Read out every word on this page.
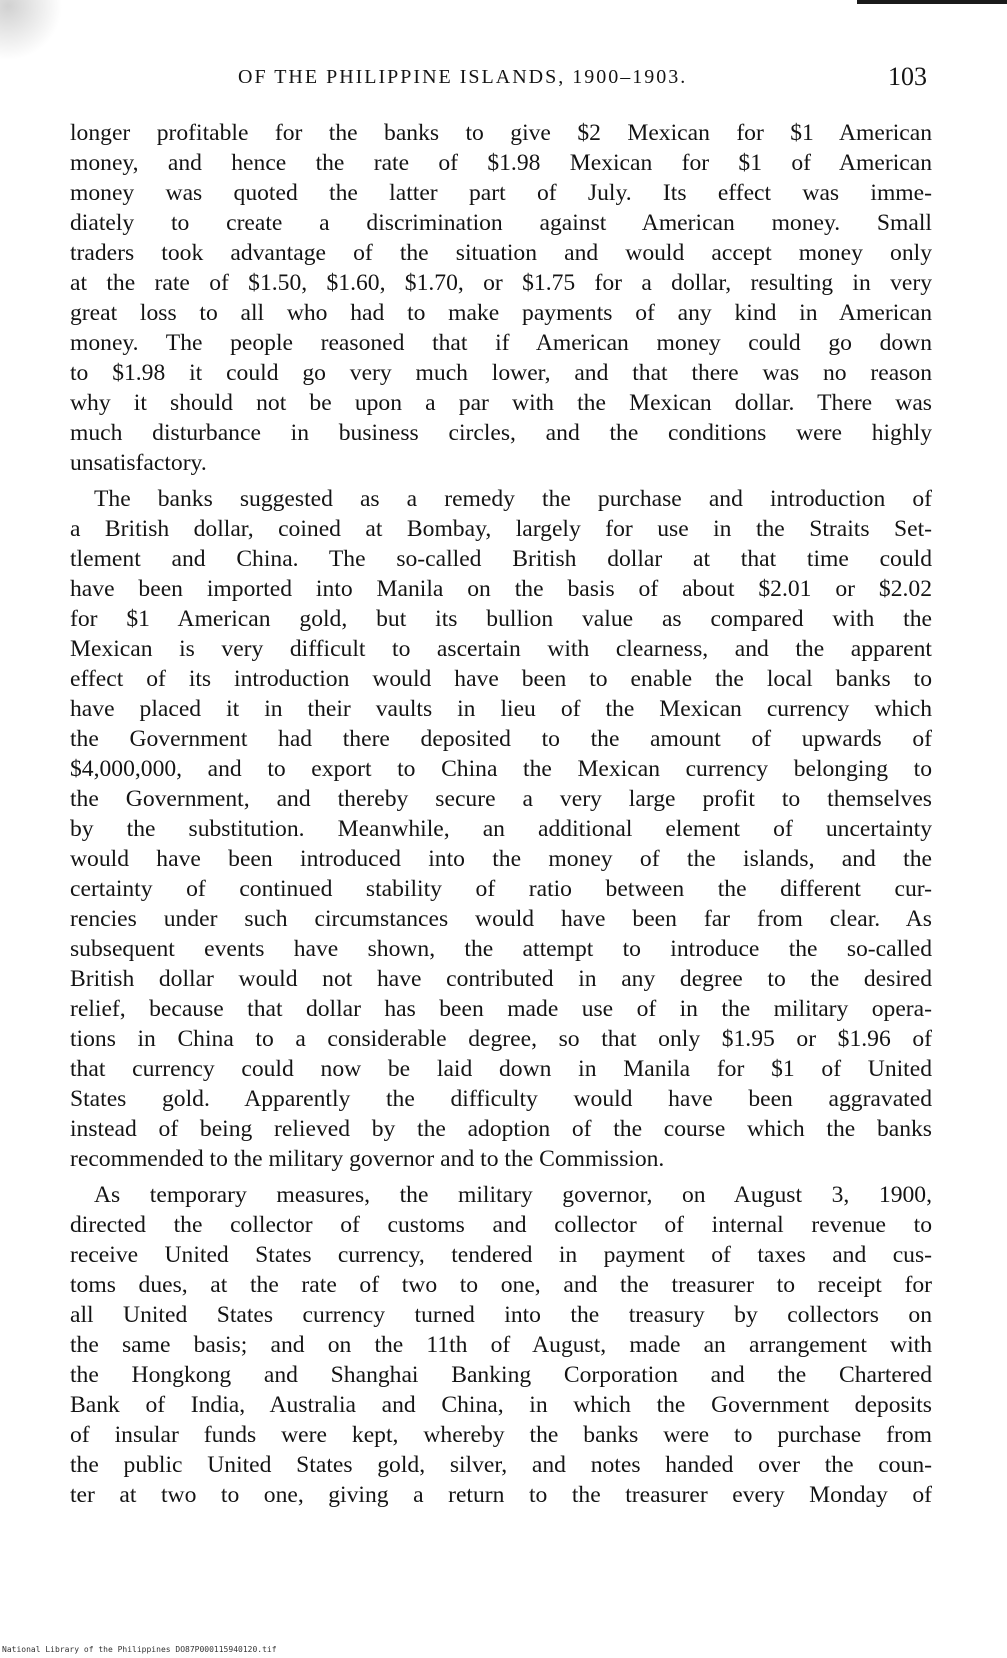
OF THE PHILIPPINE ISLANDS, 1900–1903.	103
longer profitable for the banks to give $2 Mexican for $1 American
money, and hence the rate of $1.98 Mexican for $1 of American
money was quoted the latter part of July. Its effect was imme-
diately to create a discrimination against American money. Small
traders took advantage of the situation and would accept money only
at the rate of $1.50, $1.60, $1.70, or $1.75 for a dollar, resulting in very
great loss to all who had to make payments of any kind in American
money. The people reasoned that if American money could go down
to $1.98 it could go very much lower, and that there was no reason
why it should not be upon a par with the Mexican dollar. There was
much disturbance in business circles, and the conditions were highly
unsatisfactory.
The banks suggested as a remedy the purchase and introduction of
a British dollar, coined at Bombay, largely for use in the Straits Set-
tlement and China. The so-called British dollar at that time could
have been imported into Manila on the basis of about $2.01 or $2.02
for $1 American gold, but its bullion value as compared with the
Mexican is very difficult to ascertain with clearness, and the apparent
effect of its introduction would have been to enable the local banks to
have placed it in their vaults in lieu of the Mexican currency which
the Government had there deposited to the amount of upwards of
$4,000,000, and to export to China the Mexican currency belonging to
the Government, and thereby secure a very large profit to themselves
by the substitution. Meanwhile, an additional element of uncertainty
would have been introduced into the money of the islands, and the
certainty of continued stability of ratio between the different cur-
rencies under such circumstances would have been far from clear. As
subsequent events have shown, the attempt to introduce the so-called
British dollar would not have contributed in any degree to the desired
relief, because that dollar has been made use of in the military opera-
tions in China to a considerable degree, so that only $1.95 or $1.96 of
that currency could now be laid down in Manila for $1 of United
States gold. Apparently the difficulty would have been aggravated
instead of being relieved by the adoption of the course which the banks
recommended to the military governor and to the Commission.
As temporary measures, the military governor, on August 3, 1900,
directed the collector of customs and collector of internal revenue to
receive United States currency, tendered in payment of taxes and cus-
toms dues, at the rate of two to one, and the treasurer to receipt for
all United States currency turned into the treasury by collectors on
the same basis; and on the 11th of August, made an arrangement with
the Hongkong and Shanghai Banking Corporation and the Chartered
Bank of India, Australia and China, in which the Government deposits
of insular funds were kept, whereby the banks were to purchase from
the public United States gold, silver, and notes handed over the coun-
ter at two to one, giving a return to the treasurer every Monday of
National Library of the Philippines DO87P000115940120.tif
